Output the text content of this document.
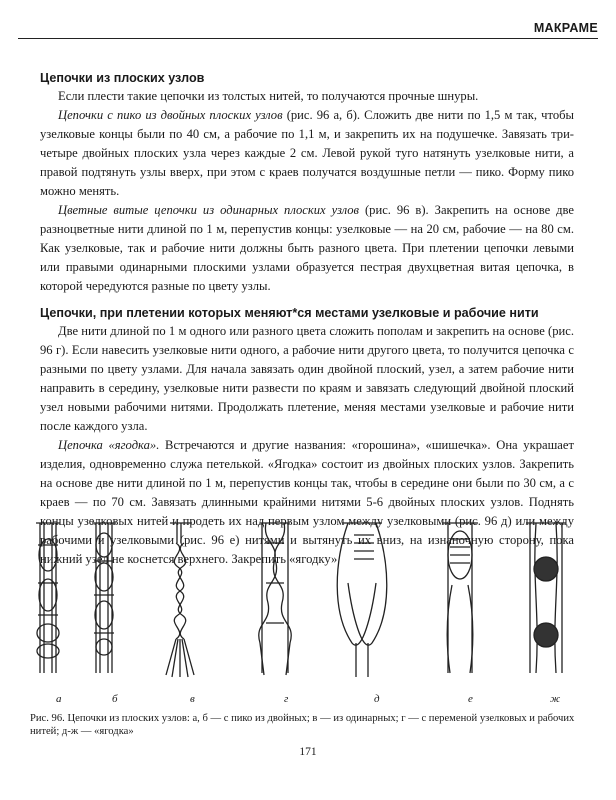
МАКРАМЕ

Цепочки из плоских узлов

Если плести такие цепочки из толстых нитей, то получаются прочные шнуры.

Цепочки с пико из двойных плоских узлов (рис. 96 а, б). Сложить две нити по 1,5 м так, чтобы узелковые концы были по 40 см, а рабочие по 1,1 м, и закрепить их на подушечке. Завязать три-четыре двойных плоских узла через каждые 2 см. Левой рукой туго натянуть узелковые нити, а правой подтянуть узлы вверх, при этом с краев получатся воздушные петли — пико. Форму пико можно менять.

Цветные витые цепочки из одинарных плоских узлов (рис. 96 в). Закрепить на основе две разноцветные нити длиной по 1 м, перепустив концы: узелковые — на 20 см, рабочие — на 80 см. Как узелковые, так и рабочие нити должны быть разного цвета. При плетении цепочки левыми или правыми одинарными плоскими узлами образуется пестрая двухцветная витая цепочка, в которой чередуются разные по цвету узлы.

Цепочки, при плетении которых меняют*ся местами узелковые и рабочие нити

Две нити длиной по 1 м одного или разного цвета сложить пополам и закрепить на основе (рис. 96 г). Если навесить узелковые нити одного, а рабочие нити другого цвета, то получится цепочка с разными по цвету узлами. Для начала завязать один двойной плоский, узел, а затем рабочие нити направить в середину, узелковые нити развести по краям и завязать следующий двойной плоский узел новыми рабочими нитями. Продолжать плетение, меняя местами узелковые и рабочие нити после каждого узла.

Цепочка «ягодка». Встречаются и другие названия: «горошина», «шишечка». Она украшает изделия, одновременно служа петелькой. «Ягодка» состоит из двойных плоских узлов. Закрепить на основе две нити длиной по 1 м, перепустив концы так, чтобы в середине они были по 30 см, а с краев — по 70 см. Завязать длинными крайними нитями 5-6 двойных плоских узлов. Поднять концы узелковых нитей и продеть их над первым узлом между узелковыми (рис. 96 д) или между рабочими и узелковыми (рис. 96 е) нитями и вытянуть их вниз, на изнаночную сторону, пока нижний узел не коснется верхнего. Закрепить «ягодку»

а	б	в	г	д	е	ж
Рис. 96. Цепочки из плоских узлов: а, б — с пико из двойных; в — из одинарных; г — с переменой узелковых и рабочих нитей; д-ж — «ягодка»
171
